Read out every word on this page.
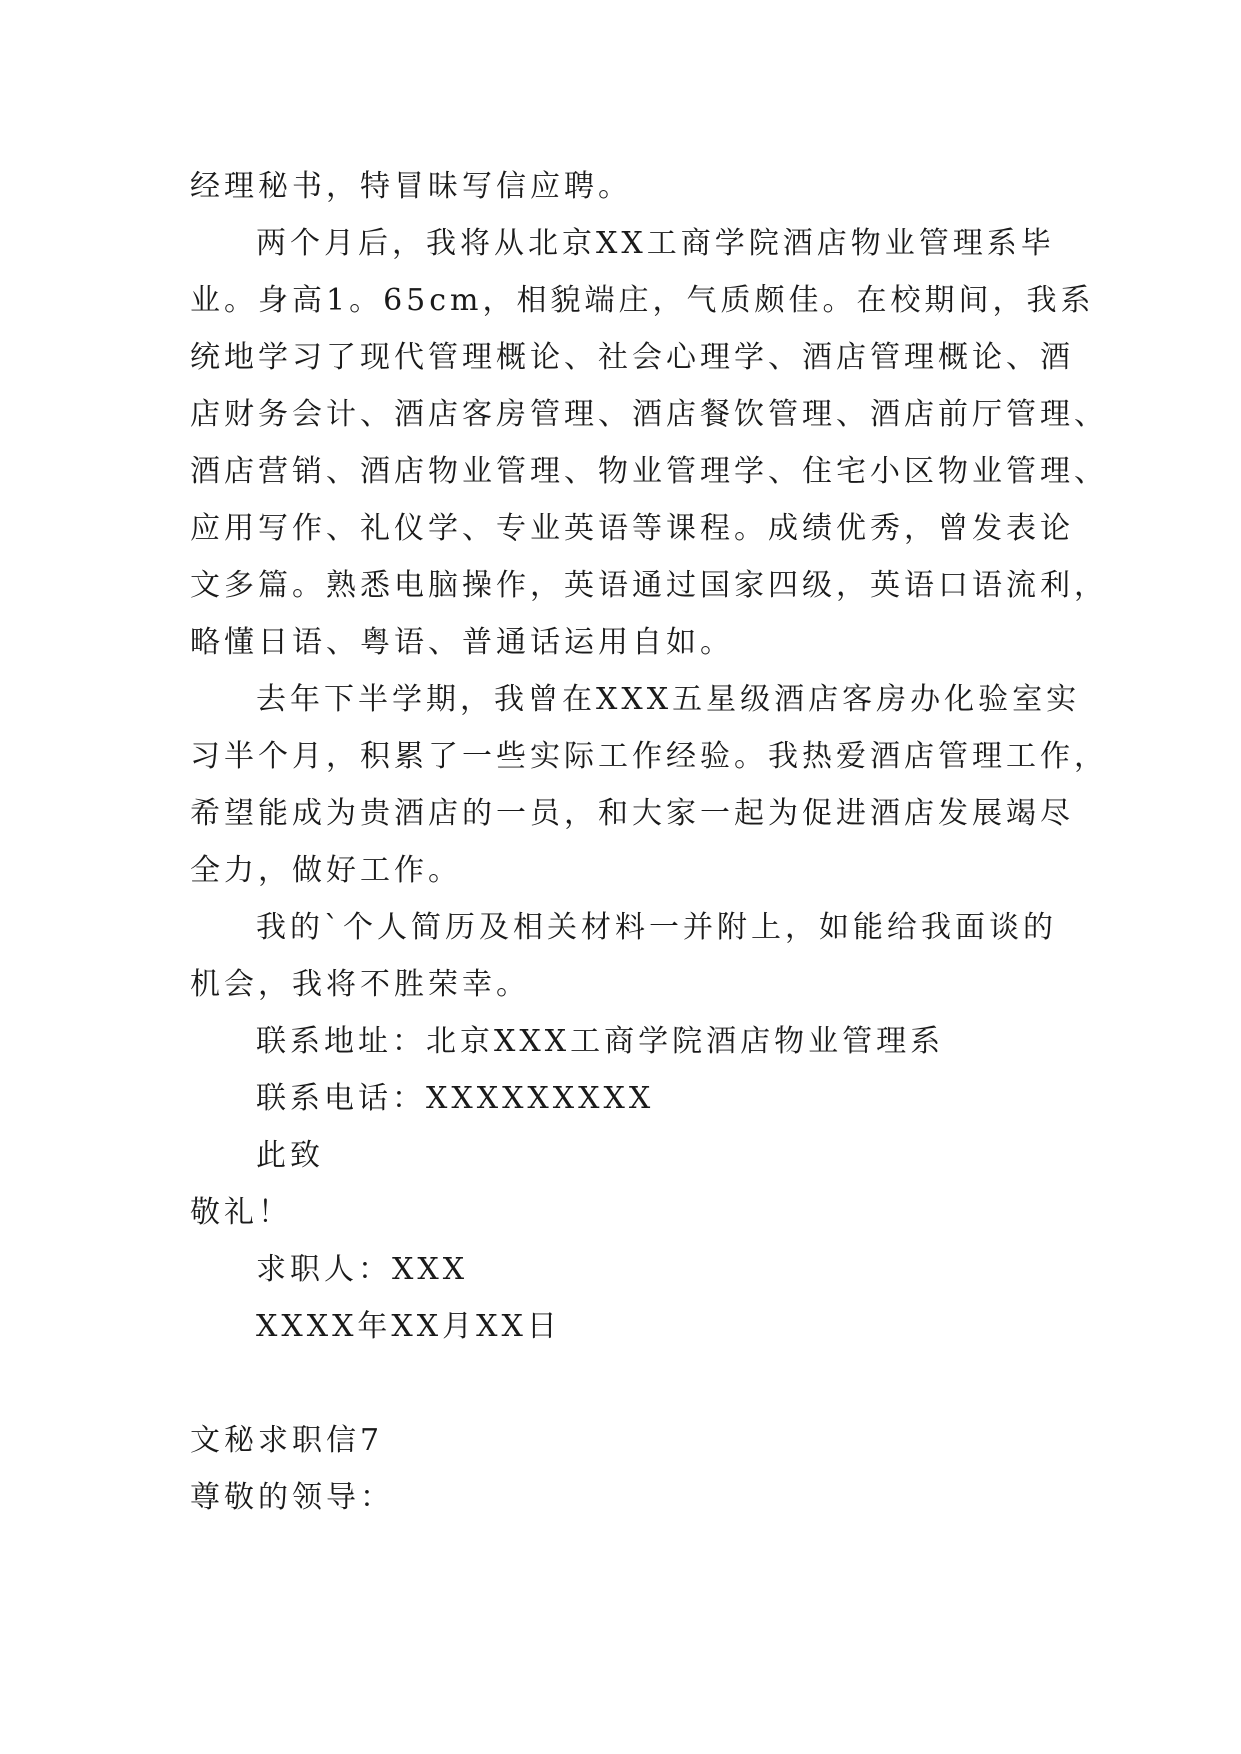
经理秘书，特冒昧写信应聘。
两个月后，我将从北京XX工商学院酒店物业管理系毕
业。身高1。65cm，相貌端庄，气质颇佳。在校期间，我系
统地学习了现代管理概论、社会心理学、酒店管理概论、酒
店财务会计、酒店客房管理、酒店餐饮管理、酒店前厅管理、
酒店营销、酒店物业管理、物业管理学、住宅小区物业管理、
应用写作、礼仪学、专业英语等课程。成绩优秀，曾发表论
文多篇。熟悉电脑操作，英语通过国家四级，英语口语流利，
略懂日语、粤语、普通话运用自如。
去年下半学期，我曾在XXX五星级酒店客房办化验室实
习半个月，积累了一些实际工作经验。我热爱酒店管理工作，
希望能成为贵酒店的一员，和大家一起为促进酒店发展竭尽
全力，做好工作。
我的`个人简历及相关材料一并附上，如能给我面谈的
机会，我将不胜荣幸。
联系地址：北京XXX工商学院酒店物业管理系
联系电话：XXXXXXXXX
此致
敬礼！
求职人：XXX
XXXX年XX月XX日
文秘求职信7
尊敬的领导：
